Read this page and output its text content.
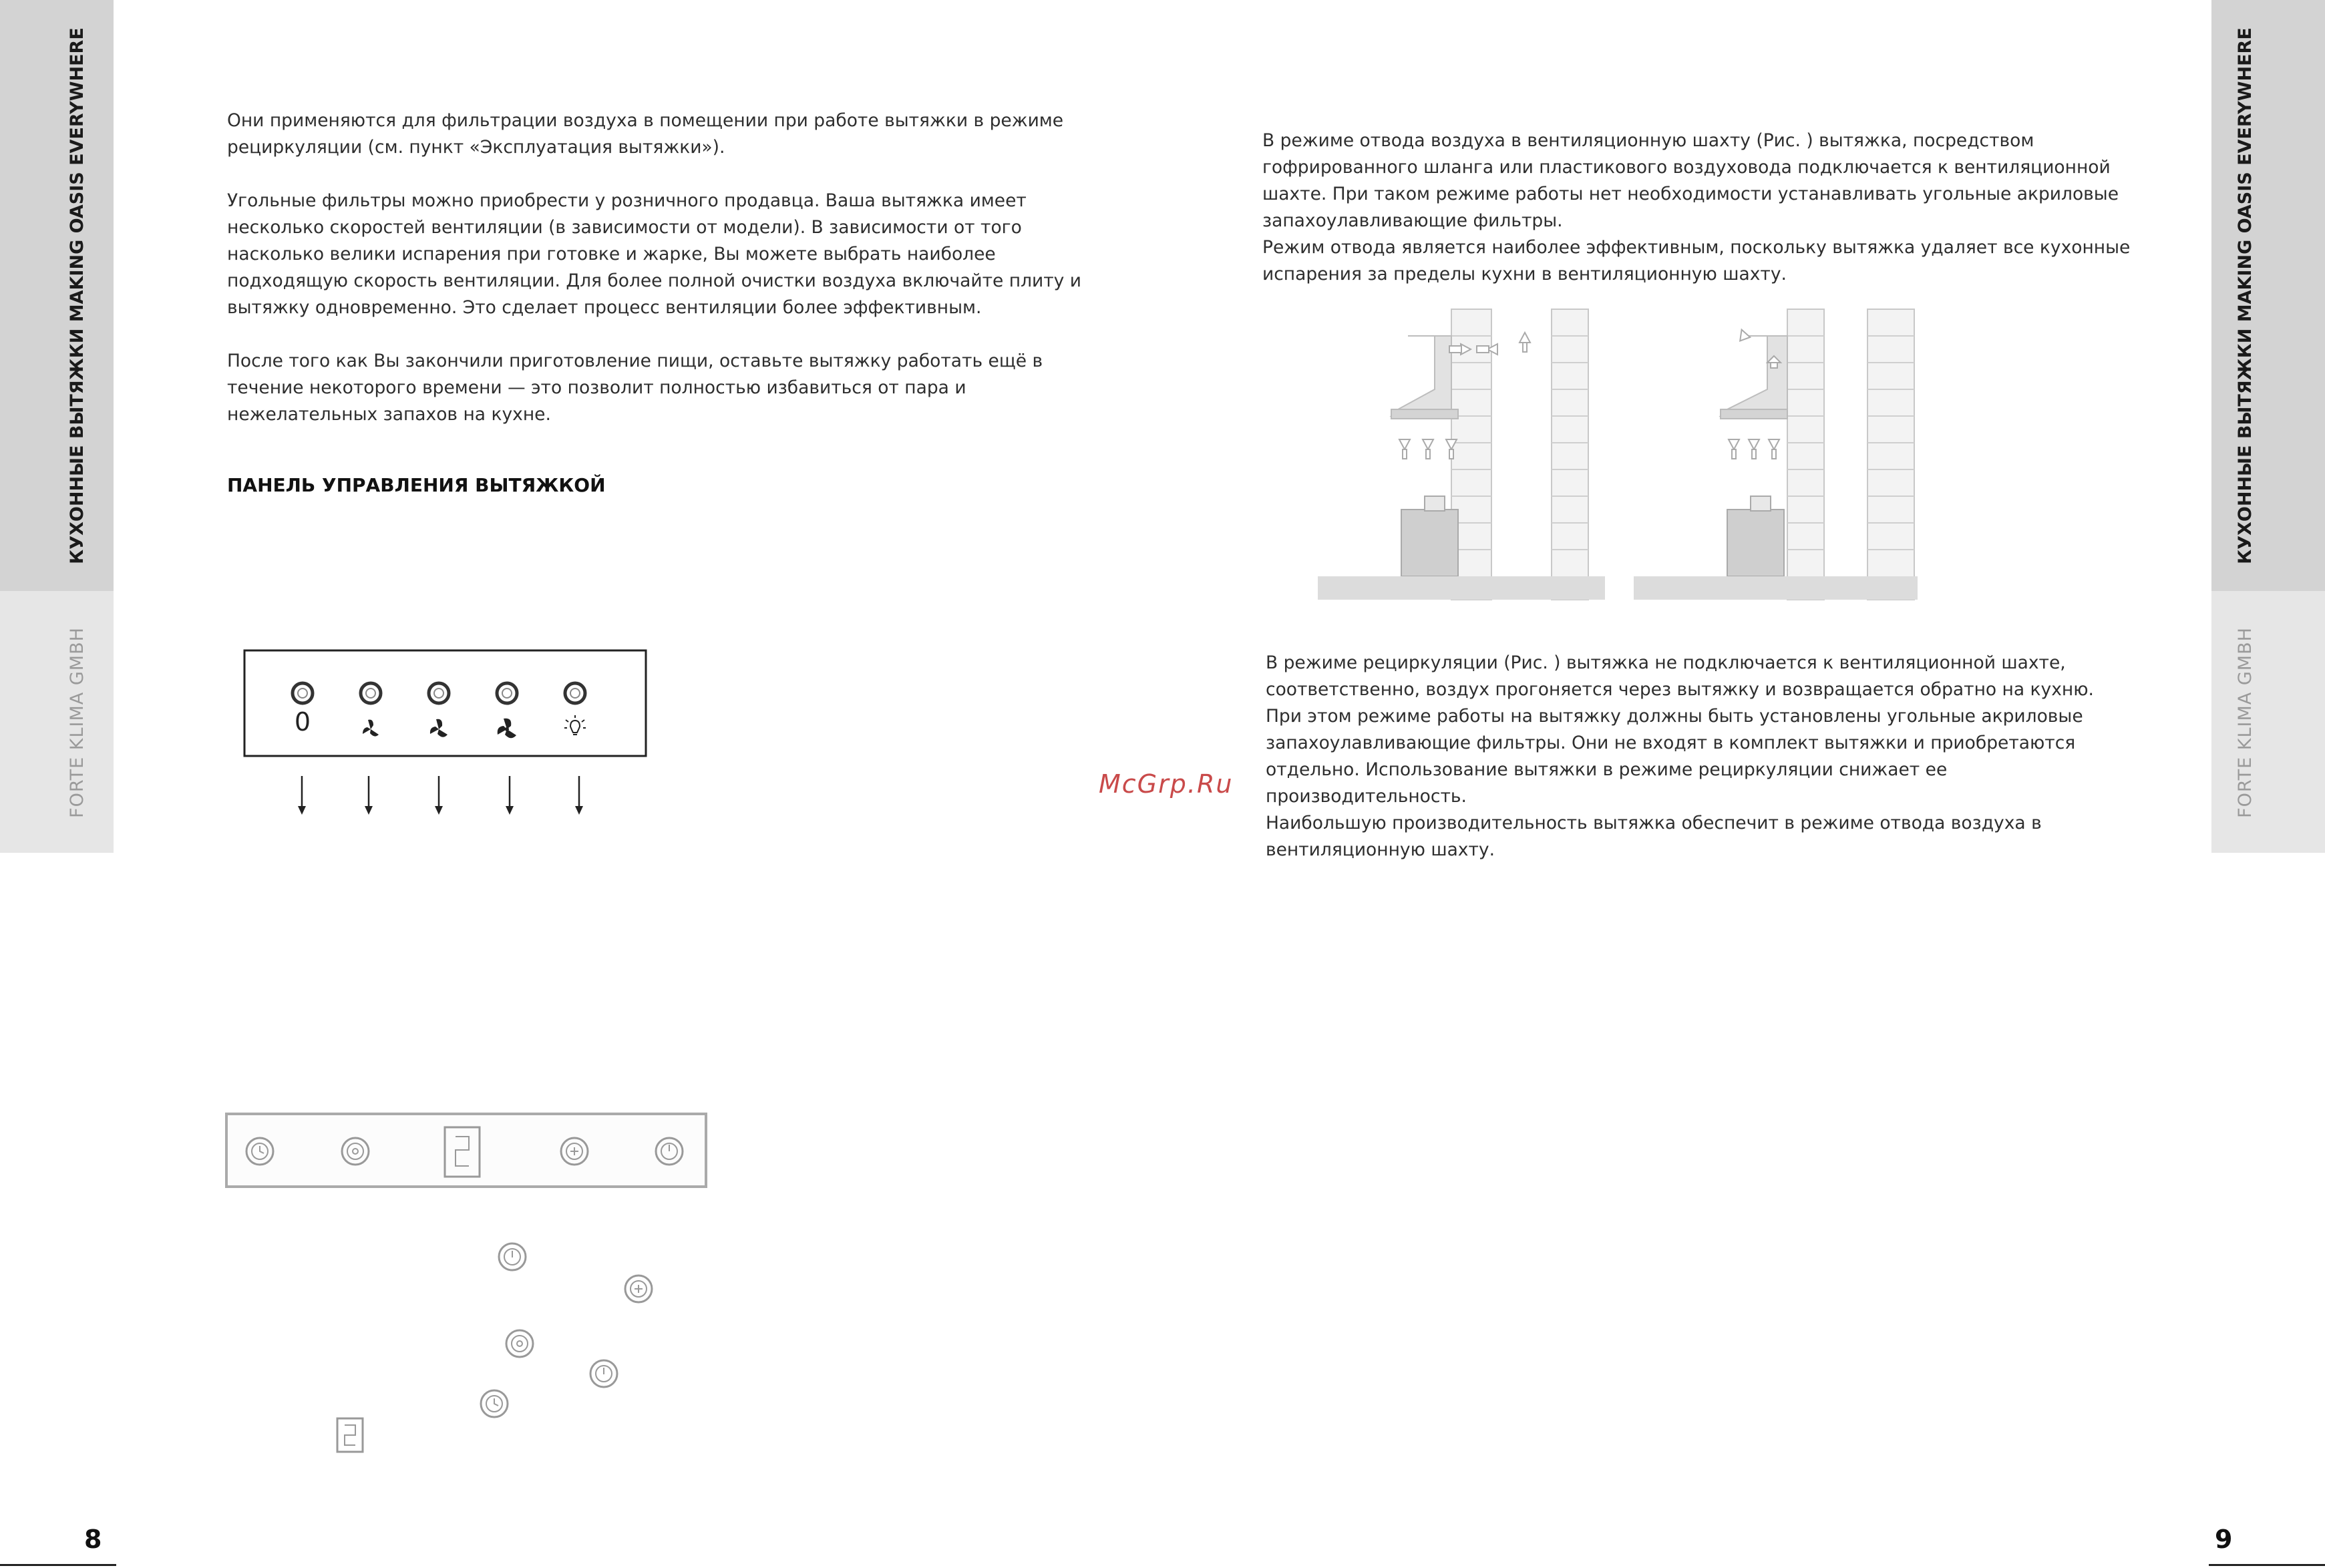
КУХОННЫЕ ВЫТЯЖКИ MAKING OASIS EVERYWHERE
FORTE KLIMA GMBH
КУХОННЫЕ ВЫТЯЖКИ MAKING OASIS EVERYWHERE
FORTE KLIMA GMBH

Они применяются для фильтрации воздуха в помещении при работе вытяжки в режиме
рециркуляции (см. пункт «Эксплуатация вытяжки»).

Угольные фильтры можно приобрести у розничного продавца. Ваша вытяжка имеет
несколько скоростей вентиляции (в зависимости от модели). В зависимости от того
насколько велики испарения при готовке и жарке, Вы можете выбрать наиболее
подходящую скорость вентиляции. Для более полной очистки воздуха включайте плиту и
вытяжку одновременно. Это сделает процесс вентиляции более эффективным.

После того как Вы закончили приготовление пищи, оставьте вытяжку работать ещё в
течение некоторого времени — это позволит полностью избавиться от пара и
нежелательных запахов на кухне.

ПАНЕЛЬ УПРАВЛЕНИЯ ВЫТЯЖКОЙ
0
8
McGrp.Ru

В режиме отвода воздуха в вентиляционную шахту (Рис. ) вытяжка, посредством
гофрированного шланга или пластикового воздуховода подключается к вентиляционной
шахте. При таком режиме работы нет необходимости устанавливать угольные акриловые
запахоулавливающие фильтры.
Режим отвода является наиболее эффективным, поскольку вытяжка удаляет все кухонные
испарения за пределы кухни в вентиляционную шахту.

В режиме рециркуляции (Рис. ) вытяжка не подключается к вентиляционной шахте,
соответственно, воздух прогоняется через вытяжку и возвращается обратно на кухню.
При этом режиме работы на вытяжку должны быть установлены угольные акриловые
запахоулавливающие фильтры. Они не входят в комплект вытяжки и приобретаются
отдельно. Использование вытяжки в режиме рециркуляции снижает ее
производительность.
Наибольшую производительность вытяжка обеспечит в режиме отвода воздуха в
вентиляционную шахту.

9
